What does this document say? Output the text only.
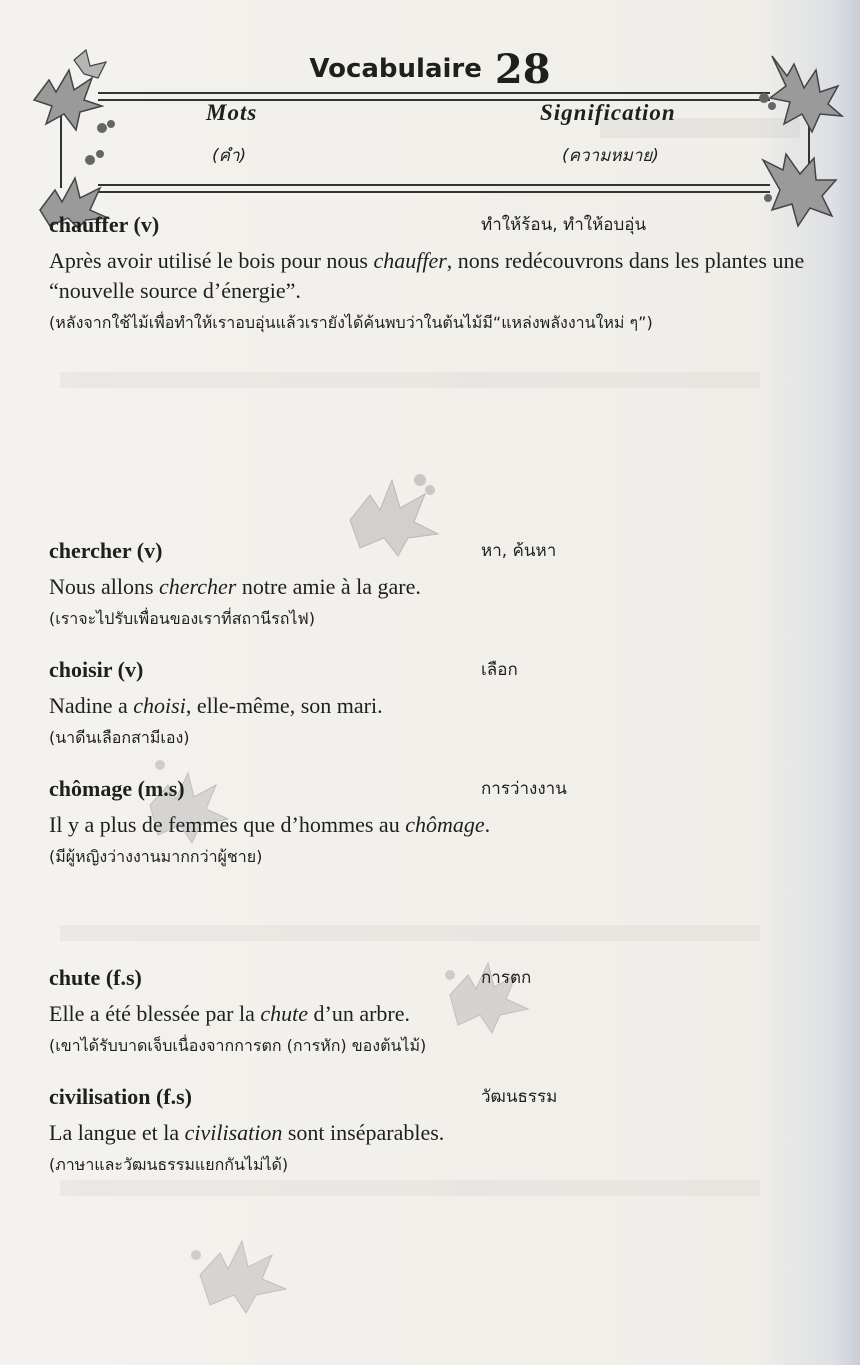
Vocabulaire 28
Mots
(คำ)
Signification
(ความหมาย)
chauffer (v)	ทำให้ร้อน, ทำให้อบอุ่น
Après avoir utilisé le bois pour nous chauffer, nons redécouvrons dans les plantes une “nouvelle source d’énergie”.
(หลังจากใช้ไม้เพื่อทำให้เราอบอุ่นแล้วเรายังได้ค้นพบว่าในต้นไม้มี“แหล่งพลังงานใหม่ ๆ”)
chercher (v)	หา, ค้นหา
Nous allons chercher notre amie à la gare.
(เราจะไปรับเพื่อนของเราที่สถานีรถไฟ)
choisir (v)	เลือก
Nadine a choisi, elle-même, son mari.
(นาดีนเลือกสามีเอง)
chômage (m.s)	การว่างงาน
Il y a plus de femmes que d’hommes au chômage.
(มีผู้หญิงว่างงานมากกว่าผู้ชาย)
chute (f.s)	การตก
Elle a été blessée par la chute d’un arbre.
(เขาได้รับบาดเจ็บเนื่องจากการตก (การหัก) ของต้นไม้)
civilisation (f.s)	วัฒนธรรม
La langue et la civilisation sont inséparables.
(ภาษาและวัฒนธรรมแยกกันไม่ได้)
